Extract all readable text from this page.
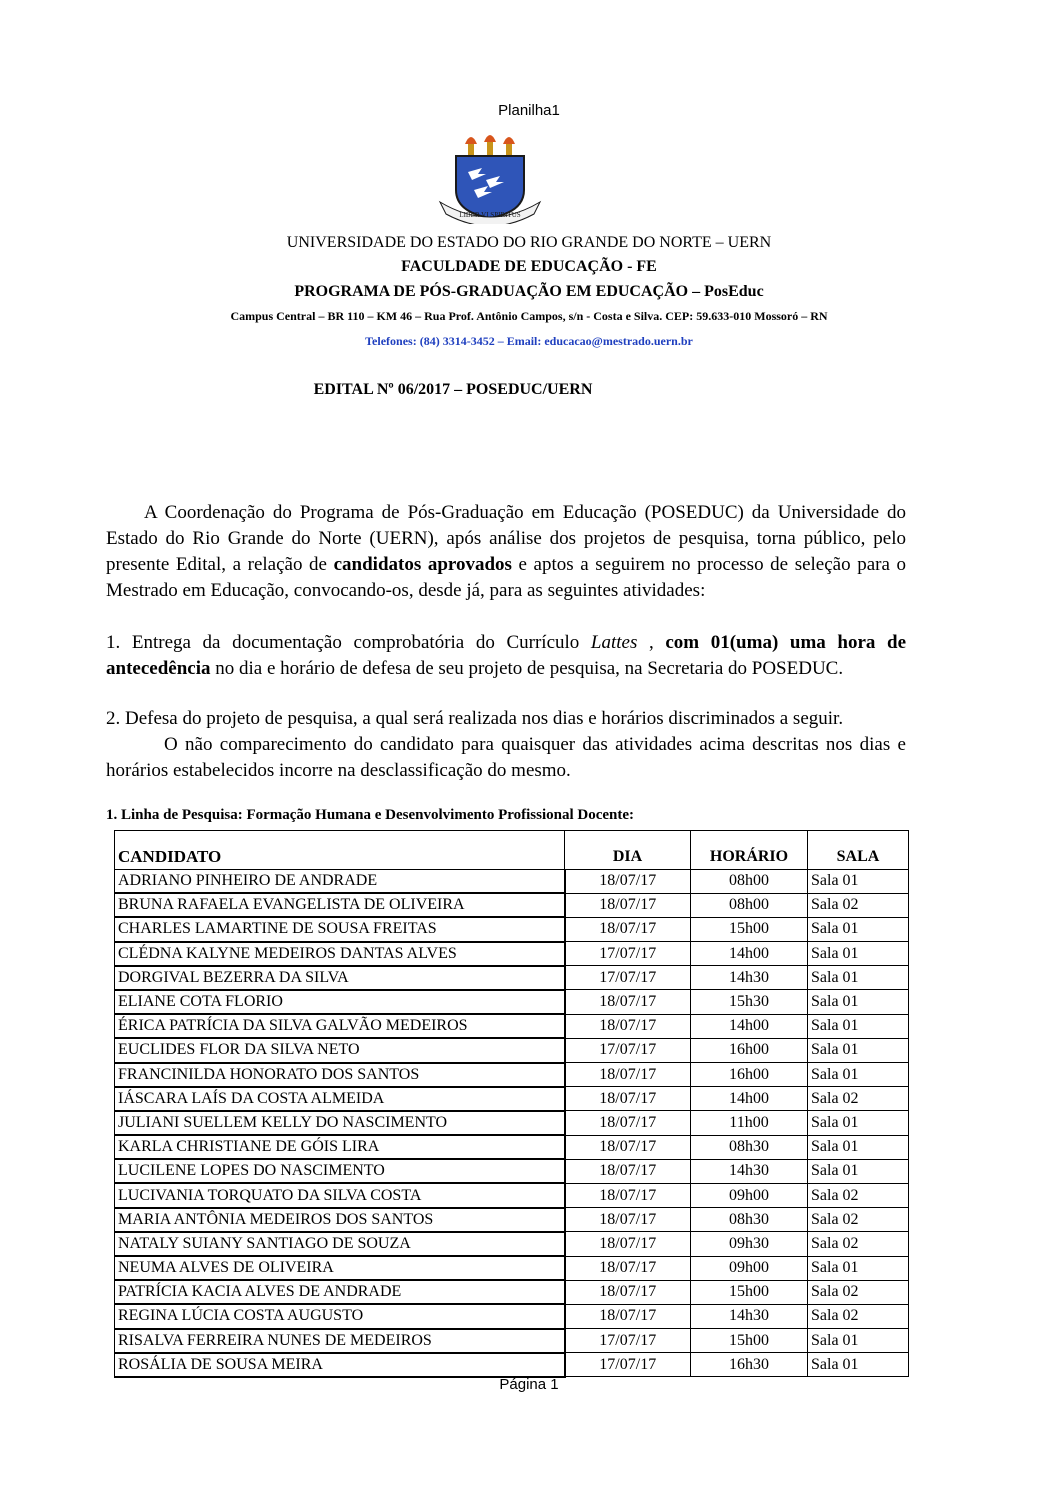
Planilha1
LIBER VI SPIRITUS
UNIVERSIDADE DO ESTADO DO RIO GRANDE DO NORTE – UERN
FACULDADE DE EDUCAÇÃO - FE
PROGRAMA DE PÓS-GRADUAÇÃO EM EDUCAÇÃO – PosEduc
Campus Central – BR 110 – KM 46 – Rua Prof. Antônio Campos, s/n - Costa e Silva. CEP: 59.633-010 Mossoró – RN
Telefones: (84) 3314-3452 – Email: educacao@mestrado.uern.br
EDITAL Nº 06/2017 – POSEDUC/UERN
A Coordenação do Programa de Pós-Graduação em Educação (POSEDUC) da Universidade do Estado do Rio Grande do Norte (UERN), após análise dos projetos de pesquisa, torna público, pelo presente Edital, a relação de candidatos aprovados e aptos a seguirem no processo de seleção para o Mestrado em Educação, convocando-os, desde já, para as seguintes atividades:
1. Entrega da documentação comprobatória do Currículo Lattes , com 01(uma) uma hora de antecedência no dia e horário de defesa de seu projeto de pesquisa, na Secretaria do POSEDUC.
2. Defesa do projeto de pesquisa, a qual será realizada nos dias e horários discriminados a seguir.
O não comparecimento do candidato para quaisquer das atividades acima descritas nos dias e horários estabelecidos incorre na desclassificação do mesmo.
1. Linha de Pesquisa: Formação Humana e Desenvolvimento Profissional Docente:
CANDIDATO	DIA	HORÁRIO	SALA
ADRIANO PINHEIRO DE ANDRADE	18/07/17	08h00	Sala 01
BRUNA RAFAELA EVANGELISTA DE OLIVEIRA	18/07/17	08h00	Sala 02
CHARLES LAMARTINE DE SOUSA FREITAS	18/07/17	15h00	Sala 01
CLÉDNA KALYNE MEDEIROS DANTAS ALVES	17/07/17	14h00	Sala 01
DORGIVAL BEZERRA DA SILVA	17/07/17	14h30	Sala 01
ELIANE COTA FLORIO	18/07/17	15h30	Sala 01
ÉRICA PATRÍCIA DA SILVA GALVÃO MEDEIROS	18/07/17	14h00	Sala 01
EUCLIDES FLOR DA SILVA NETO	17/07/17	16h00	Sala 01
FRANCINILDA HONORATO DOS SANTOS	18/07/17	16h00	Sala 01
IÁSCARA LAÍS DA COSTA ALMEIDA	18/07/17	14h00	Sala 02
JULIANI SUELLEM KELLY DO NASCIMENTO	18/07/17	11h00	Sala 01
KARLA CHRISTIANE DE GÓIS LIRA	18/07/17	08h30	Sala 01
LUCILENE LOPES DO NASCIMENTO	18/07/17	14h30	Sala 01
LUCIVANIA TORQUATO DA SILVA COSTA	18/07/17	09h00	Sala 02
MARIA ANTÔNIA MEDEIROS DOS SANTOS	18/07/17	08h30	Sala 02
NATALY SUIANY SANTIAGO DE SOUZA	18/07/17	09h30	Sala 02
NEUMA ALVES DE OLIVEIRA	18/07/17	09h00	Sala 01
PATRÍCIA KACIA ALVES DE ANDRADE	18/07/17	15h00	Sala 02
REGINA LÚCIA COSTA AUGUSTO	18/07/17	14h30	Sala 02
RISALVA FERREIRA NUNES DE MEDEIROS	17/07/17	15h00	Sala 01
ROSÁLIA DE SOUSA MEIRA	17/07/17	16h30	Sala 01
Página 1
